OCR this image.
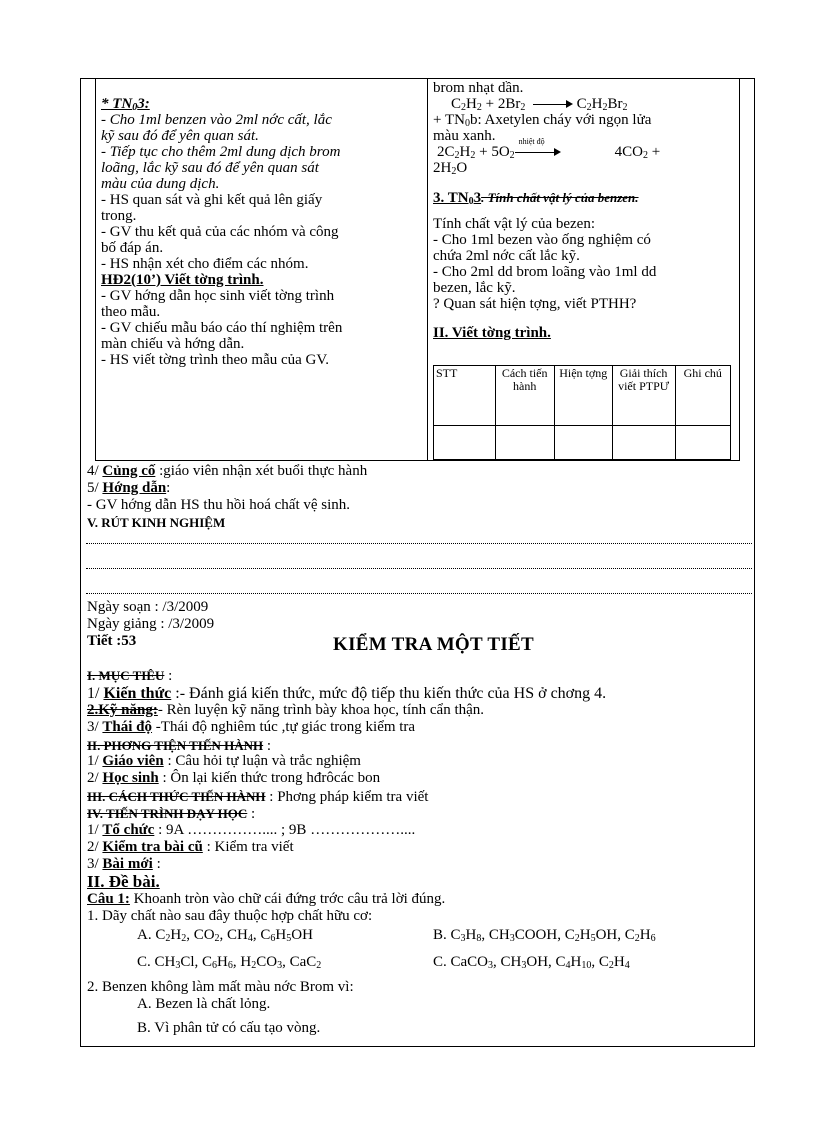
* $TN_03$:

- Cho 1ml benzen vào 2ml nớc cất, lắc

kỹ sau đó để yên quan sát.

- Tiếp tục cho thêm 2ml dung dịch brom

loãng, lắc kỹ sau đó để yên quan sát

màu của dung dịch.

- HS quan sát và ghi kết quả lên giấy

trong.

- GV thu kết quả của các nhóm và công

bố đáp án.

- HS nhận xét cho điểm các nhóm.

HĐ2(10’) Viết tờng trình.

- GV hớng dẫn học sinh viết tờng trình

theo mẫu.

- GV chiếu mẫu báo cáo thí nghiệm trên

màn chiếu và hớng dẫn.

- HS viết tờng trình theo mẫu của GV.

brom nhạt dần.

$C_2H_2 + 2Br_2$	$C_2H_2Br_2$

+ $TN_0b$: Axetylen cháy với ngọn lửa

màu xanh.

$2C_2H_2 + 5O_2$
nhiệt độ
$4CO_2$ +

$2H_2O$

3. $TN_03$. Tính chất vật lý của benzen.

Tính chất vật lý của bezen:

- Cho 1ml bezen vào ống nghiệm có

chứa 2ml nớc cất lắc kỹ.

- Cho 2ml dd brom loãng vào 1ml dd

bezen, lắc kỹ.

? Quan sát hiện tợng, viết PTHH?

II. Viết tờng trình.

STT	Cách tiến hành	Hiện tợng	Giải thích viết PTPƯ	Ghi chú

4/ Củng cố :giáo viên nhận xét buổi thực hành
5/ Hớng dẫn:
- GV hớng dẫn HS thu hồi hoá chất vệ sinh.
V. RÚT KINH NGHIỆM
Ngày soạn : /3/2009
Ngày giảng : /3/2009
Tiết :53	KIỂM TRA MỘT TIẾT
I. MỤC TIÊU :
1/ Kiến thức :- Đánh giá kiến thức, mức độ tiếp thu kiến thức của HS ở chơng 4.
2.Kỹ năng:- Rèn luyện kỹ năng trình bày khoa học, tính cẩn thận.
3/ Thái độ -Thái độ nghiêm túc ,tự giác trong kiểm tra
II. PHƠNG TIỆN TIẾN HÀNH :
1/ Giáo viên : Câu hỏi tự luận và trắc nghiệm
2/ Học sinh : Ôn lại kiến thức trong hđrôcác bon
III. CÁCH THỨC TIẾN HÀNH : Phơng pháp kiểm tra viết
IV. TIẾN TRÌNH DẠY HỌC :
1/ Tổ chức : 9A …………….... ; 9B ………………....
2/ Kiểm tra bài cũ : Kiểm tra viết
3/ Bài mới :
II. Đề bài.
Câu 1: Khoanh tròn vào chữ cái đứng trớc câu trả lời đúng.
1. Dãy chất nào sau đây thuộc hợp chất hữu cơ:
A. $C_2H_2$, $CO_2$, $CH_4$, $C_6H_5OH$	B. $C_3H_8$, $CH_3COOH$, $C_2H_5OH$, $C_2H_6$
C. $CH_3Cl$, $C_6H_6$, $H_2CO_3$, CaC$_2$	C. CaCO$_3$, $CH_3OH$, $C_4H_{10}$, $C_2H_4$
2. Benzen không làm mất màu nớc Brom vì:
A. Bezen là chất lỏng.
B. Vì phân tử có cấu tạo vòng.
